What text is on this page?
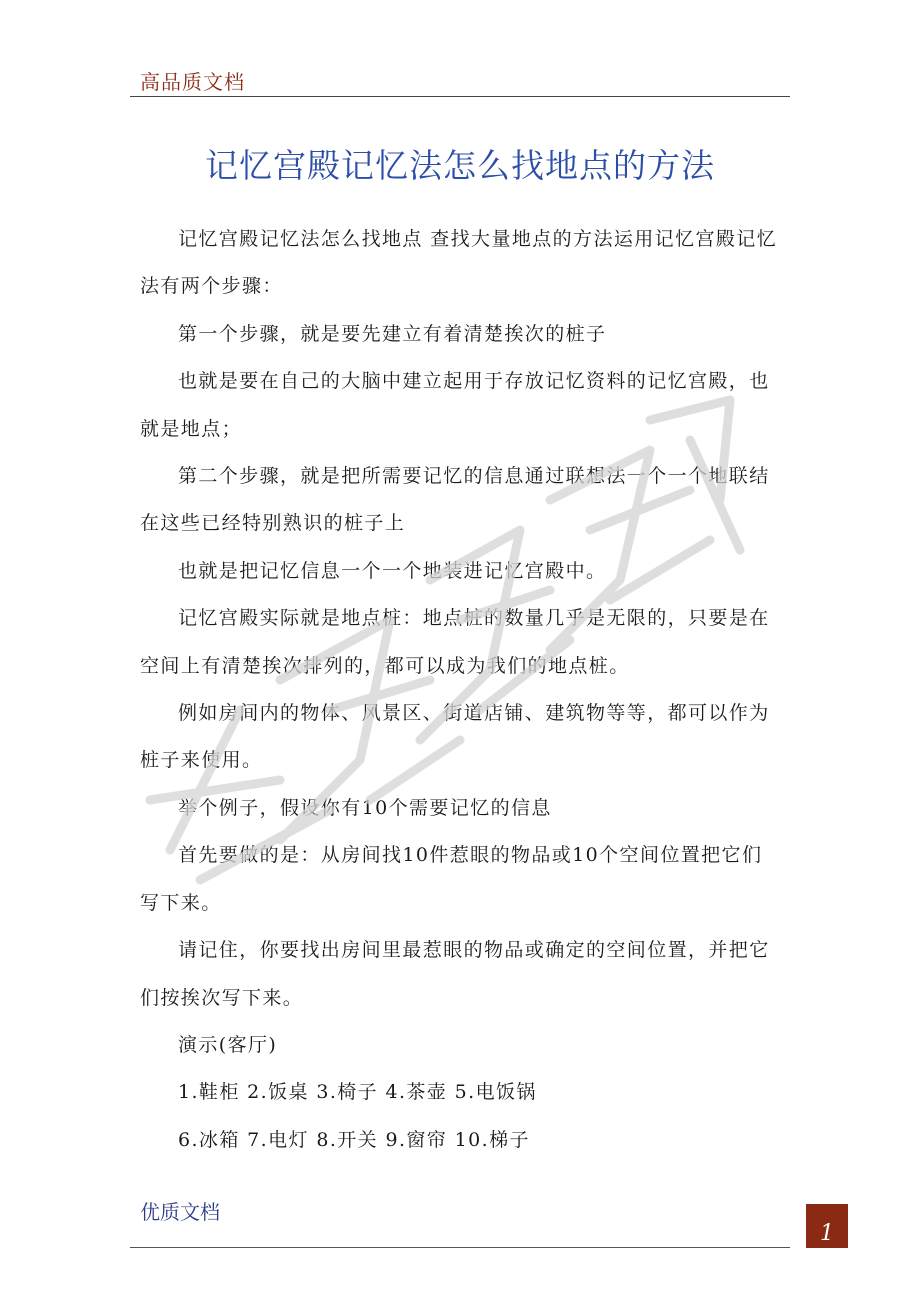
高品质文档
记忆宫殿记忆法怎么找地点的方法

记忆宫殿记忆法怎么找地点 查找大量地点的方法运用记忆宫殿记忆法有两个步骤：

第一个步骤，就是要先建立有着清楚挨次的桩子

也就是要在自己的大脑中建立起用于存放记忆资料的记忆宫殿，也就是地点；

第二个步骤，就是把所需要记忆的信息通过联想法一个一个地联结在这些已经特别熟识的桩子上

也就是把记忆信息一个一个地装进记忆宫殿中。

记忆宫殿实际就是地点桩：地点桩的数量几乎是无限的，只要是在空间上有清楚挨次排列的，都可以成为我们的地点桩。

例如房间内的物体、风景区、街道店铺、建筑物等等，都可以作为桩子来使用。

举个例子，假设你有10个需要记忆的信息

首先要做的是：从房间找10件惹眼的物品或10个空间位置把它们写下来。

请记住，你要找出房间里最惹眼的物品或确定的空间位置，并把它们按挨次写下来。

演示(客厅)

1.鞋柜 2.饭桌 3.椅子 4.茶壶 5.电饭锅

6.冰箱 7.电灯 8.开关 9.窗帘 10.梯子

优质文档
1
